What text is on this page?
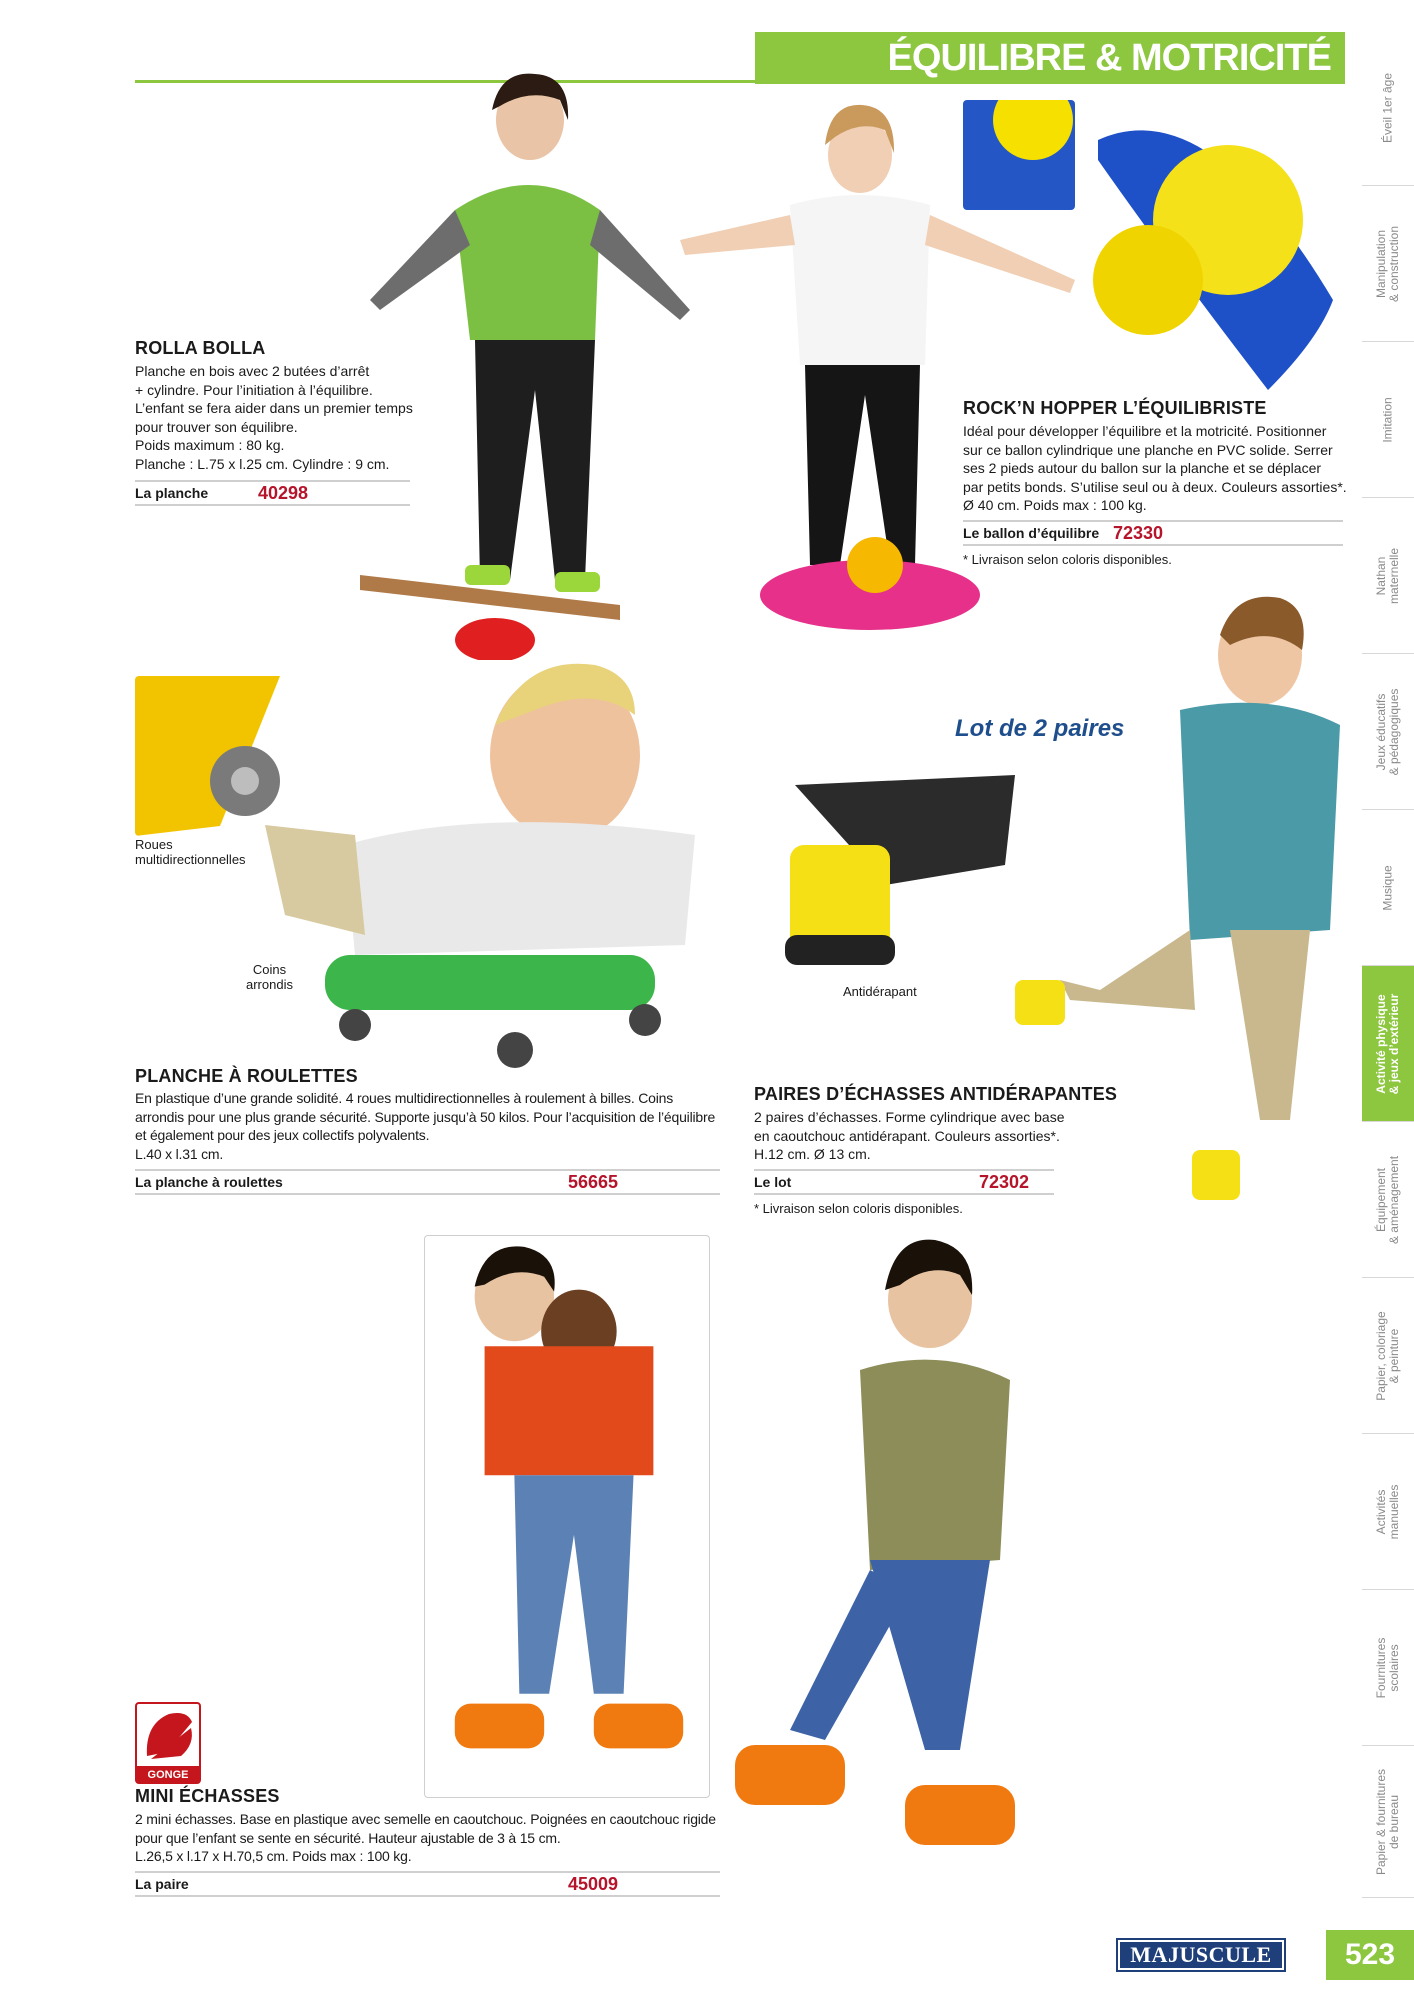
ÉQUILIBRE & MOTRICITÉ
ROLLA BOLLA
Planche en bois avec 2 butées d’arrêt
+ cylindre. Pour l’initiation à l’équilibre.
L’enfant se fera aider dans un premier temps
pour trouver son équilibre.
Poids maximum : 80 kg.
Planche : L.75 x l.25 cm. Cylindre : 9 cm.
La planche	40298
ROCK’N HOPPER L’ÉQUILIBRISTE
Idéal pour développer l’équilibre et la motricité. Positionner
sur ce ballon cylindrique une planche en PVC solide. Serrer
ses 2 pieds autour du ballon sur la planche et se déplacer
par petits bonds. S’utilise seul ou à deux. Couleurs assorties*.
Ø 40 cm. Poids max : 100 kg.
Le ballon d’équilibre 72330
* Livraison selon coloris disponibles.
Roues
multidirectionnelles
Coins
arrondis
PLANCHE À ROULETTES
En plastique d’une grande solidité. 4 roues multidirectionnelles à roulement à billes. Coins
arrondis pour une plus grande sécurité. Supporte jusqu’à 50 kilos. Pour l’acquisition de l’équilibre
et également pour des jeux collectifs polyvalents.
L.40 x l.31 cm.
La planche à roulettes	56665
Lot de 2 paires
Antidérapant
PAIRES D’ÉCHASSES ANTIDÉRAPANTES
2 paires d’échasses. Forme cylindrique avec base
en caoutchouc antidérapant. Couleurs assorties*.
H.12 cm. Ø 13 cm.
Le lot	72302
* Livraison selon coloris disponibles.
GONGE
MINI ÉCHASSES
2 mini échasses. Base en plastique avec semelle en caoutchouc. Poignées en caoutchouc rigide
pour que l’enfant se sente en sécurité. Hauteur ajustable de 3 à 15 cm.
L.26,5 x l.17 x H.70,5 cm. Poids max : 100 kg.
La paire	45009
Éveil 1er âge
Manipulation
& construction
Imitation
Nathan
maternelle
Jeux éducatifs
& pédagogiques
Musique
Activité physique
& jeux d’extérieur
Équipement
& aménagement
Papier, coloriage
& peinture
Activités
manuelles
Fournitures
scolaires
Papier & fournitures
de bureau
MAJUSCULE	523
